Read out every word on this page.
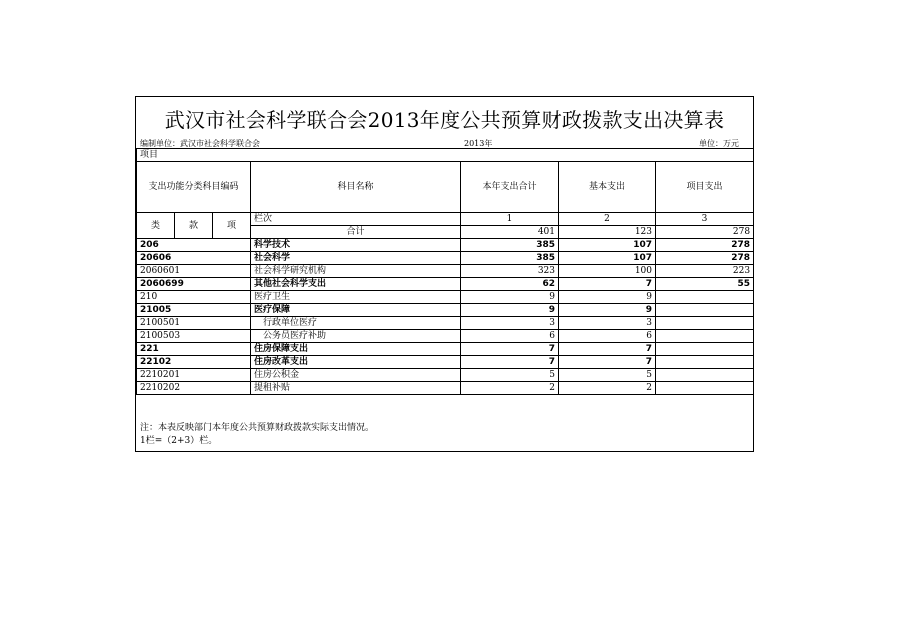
武汉市社会科学联合会2013年度公共预算财政拨款支出决算表
编制单位：武汉市社会科学联合会	2013年	单位：万元
项目						
支出功能分类科目编码			科目名称	本年支出合计	基本支出	项目支出
类	款	项	栏次	1	2	3
			合计	401	123	278
206			科学技术	385	107	278
20606			社会科学	385	107	278
2060601			社会科学研究机构	323	100	223
2060699			其他社会科学支出	62	7	55
210			医疗卫生	9	9	
21005			医疗保障	9	9	
2100501			行政单位医疗	3	3	
2100503			公务员医疗补助	6	6	
221			住房保障支出	7	7	
22102			住房改革支出	7	7	
2210201			住房公积金	5	5	
2210202			提租补贴	2	2	
注：本表反映部门本年度公共预算财政拨款实际支出情况。
1栏=（2+3）栏。
